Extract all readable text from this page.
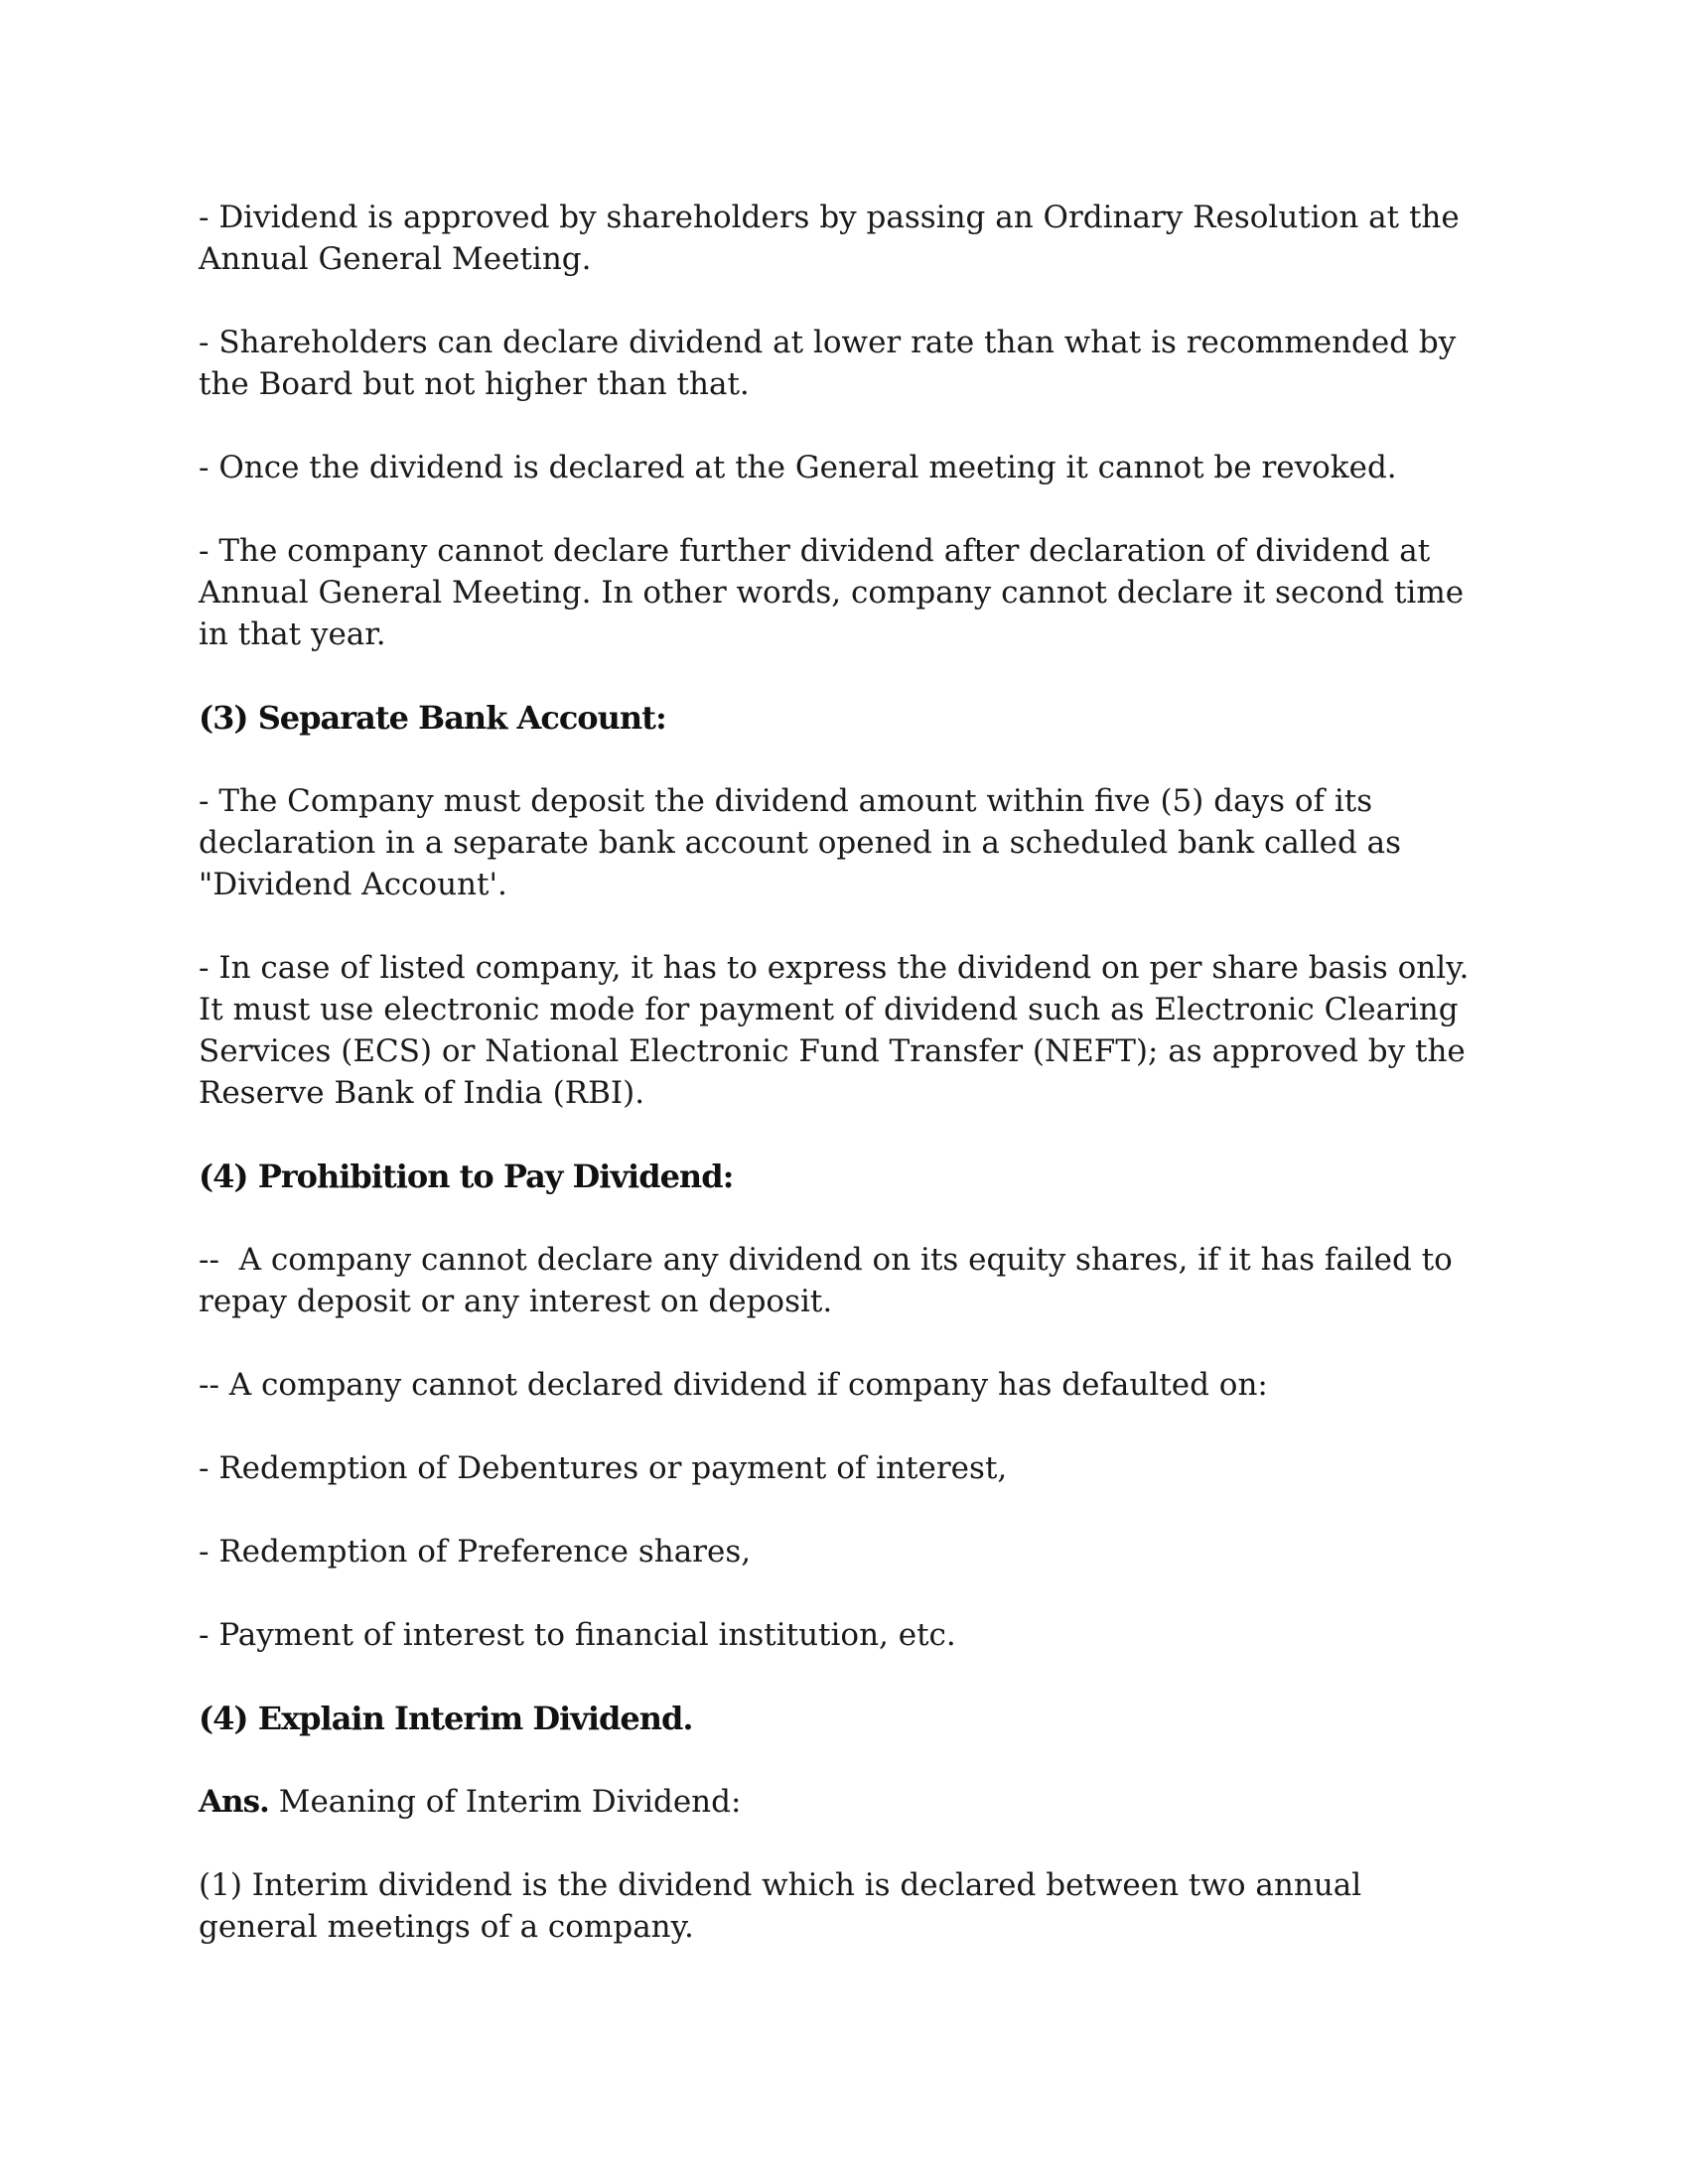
- Dividend is approved by shareholders by passing an Ordinary Resolution at the Annual General Meeting.

- Shareholders can declare dividend at lower rate than what is recommended by the Board but not higher than that.

- Once the dividend is declared at the General meeting it cannot be revoked.

- The company cannot declare further dividend after declaration of dividend at Annual General Meeting. In other words, company cannot declare it second time in that year.

(3) Separate Bank Account:

- The Company must deposit the dividend amount within five (5) days of its declaration in a separate bank account opened in a scheduled bank called as "Dividend Account'.

- In case of listed company, it has to express the dividend on per share basis only. It must use electronic mode for payment of dividend such as Electronic Clearing Services (ECS) or National Electronic Fund Transfer (NEFT); as approved by the Reserve Bank of India (RBI).

(4) Prohibition to Pay Dividend:

--  A company cannot declare any dividend on its equity shares, if it has failed to repay deposit or any interest on deposit.

-- A company cannot declared dividend if company has defaulted on:

- Redemption of Debentures or payment of interest,

- Redemption of Preference shares,

- Payment of interest to financial institution, etc.

(4) Explain Interim Dividend.

Ans. Meaning of Interim Dividend:

(1) Interim dividend is the dividend which is declared between two annual general meetings of a company.
